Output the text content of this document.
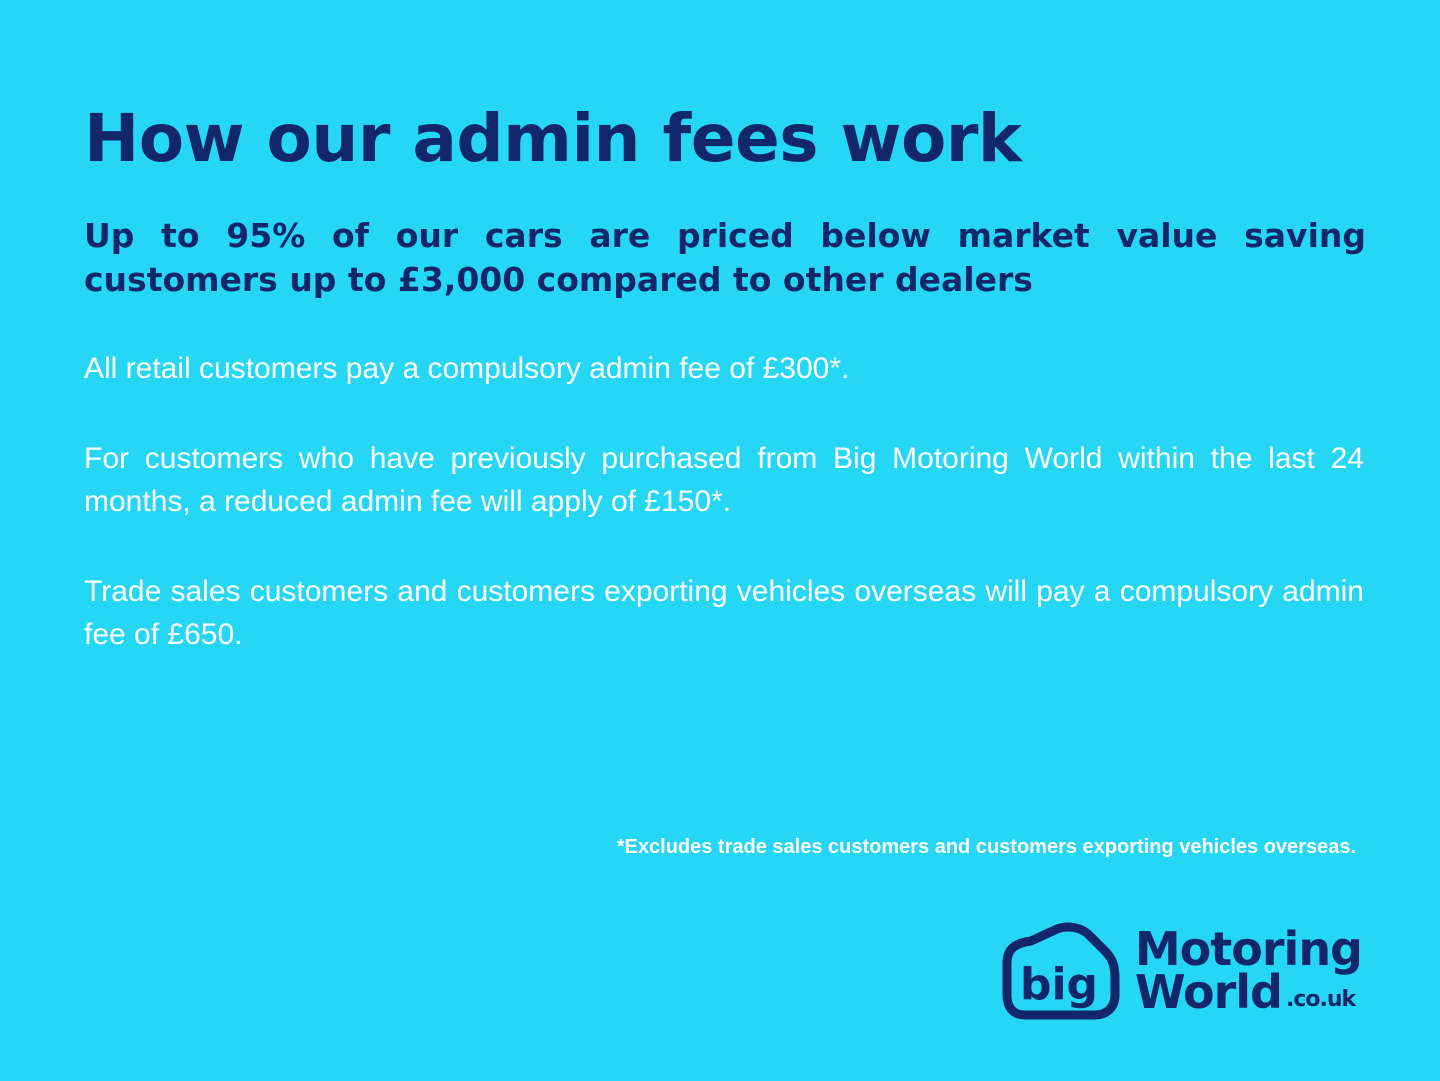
How our admin fees work

Up to 95% of our cars are priced below market value saving customers up to £3,000 compared to other dealers

All retail customers pay a compulsory admin fee of £300*.

For customers who have previously purchased from Big Motoring World within the last 24 months, a reduced admin fee will apply of £150*.

Trade sales customers and customers exporting vehicles overseas will pay a compulsory admin fee of £650.

*Excludes trade sales customers and customers exporting vehicles overseas.
big
Motoring
World .co.uk
